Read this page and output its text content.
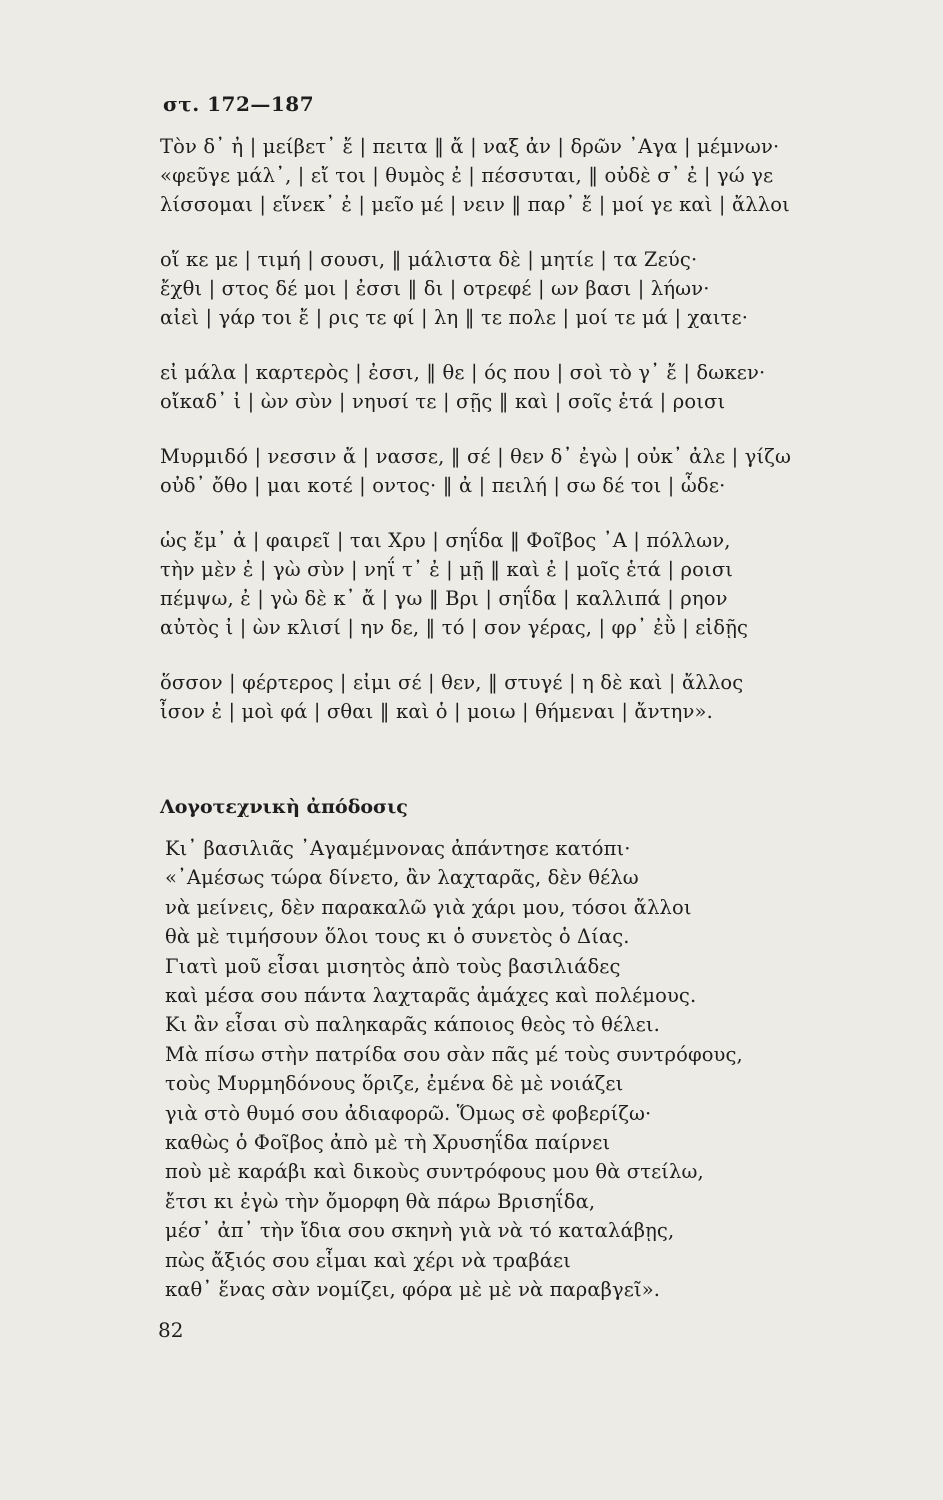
στ. 172—187
Τὸν δ᾽ ἠ | μείβετ᾽ ἔ | πειτα ‖ ἄ | ναξ ἀν | δρῶν ᾽Αγα | μέμνων·
«φεῦγε μάλ᾽, | εἴ τοι | θυμὸς ἐ | πέσσυται, ‖ οὐδὲ σ᾽ ἐ | γώ γε
λίσσομαι | εἵνεκ᾽ ἐ | μεῖο μέ | νειν ‖ παρ᾽ ἔ | μοί γε καὶ | ἄλλοι
οἵ κε με | τιμή | σουσι, ‖ μάλιστα δὲ | μητίε | τα Ζεύς·
ἔχθι | στος δέ μοι | ἐσσι ‖ δι | οτρεφέ | ων βασι | λήων·
αἰεὶ | γάρ τοι ἔ | ρις τε φί | λη ‖ τε πολε | μοί τε μά | χαιτε·
εἰ μάλα | καρτερὸς | ἐσσι, ‖ θε | ός που | σοὶ τὸ γ᾽ ἔ | δωκεν·
οἴκαδ᾽ ἰ | ὼν σὺν | νηυσί τε | σῇς ‖ καὶ | σοῖς ἑτά | ροισι
Μυρμιδό | νεσσιν ἄ | νασσε, ‖ σέ | θεν δ᾽ ἐγὼ | οὐκ᾽ ἀλε | γίζω
οὐδ᾽ ὄθο | μαι κοτέ | οντος· ‖ ἀ | πειλή | σω δέ τοι | ὧδε·
ὡς ἔμ᾽ ἀ | φαιρεῖ | ται Χρυ | σηΐδα ‖ Φοῖβος ᾽Α | πόλλων,
τὴν μὲν ἐ | γὼ σὺν | νηΐ τ᾽ ἐ | μῇ ‖ καὶ ἐ | μοῖς ἑτά | ροισι
πέμψω, ἐ | γὼ δὲ κ᾽ ἄ | γω ‖ Βρι | σηΐδα | καλλιπά | ρηον
αὐτὸς ἰ | ὼν κλισί | ην δε, ‖ τό | σον γέρας, | φρ᾽ ἐῢ | εἰδῇς
ὅσσον | φέρτερος | εἰμι σέ | θεν, ‖ στυγέ | η δὲ καὶ | ἄλλος
ἶσον ἐ | μοὶ φά | σθαι ‖ καὶ ὁ | μοιω | θήμεναι | ἄντην».
Λογοτεχνικὴ ἀπόδοσις
Κι᾽ βασιλιᾶς ᾽Αγαμέμνονας ἀπάντησε κατόπι·
«᾽Αμέσως τώρα δίνετο, ἂν λαχταρᾶς, δὲν θέλω
νὰ μείνεις, δὲν παρακαλῶ γιὰ χάρι μου, τόσοι ἄλλοι
θὰ μὲ τιμήσουν ὅλοι τους κι ὁ συνετὸς ὁ Δίας.
Γιατὶ μοῦ εἶσαι μισητὸς ἀπὸ τοὺς βασιλιάδες
καὶ μέσα σου πάντα λαχταρᾶς ἀμάχες καὶ πολέμους.
Κι ἂν εἶσαι σὺ παληκαρᾶς κάποιος θεὸς τὸ θέλει.
Μὰ πίσω στὴν πατρίδα σου σὰν πᾶς μέ τοὺς συντρόφους,
τοὺς Μυρμηδόνους ὅριζε, ἐμένα δὲ μὲ νοιάζει
γιὰ στὸ θυμό σου ἀδιαφορῶ. Ὅμως σὲ φοβερίζω·
καθὼς ὁ Φοῖβος ἀπὸ μὲ τὴ Χρυσηΐδα παίρνει
ποὺ μὲ καράβι καὶ δικοὺς συντρόφους μου θὰ στείλω,
ἔτσι κι ἐγὼ τὴν ὄμορφη θὰ πάρω Βρισηΐδα,
μέσ᾽ ἀπ᾽ τὴν ἴδια σου σκηνὴ γιὰ νὰ τό καταλάβῃς,
πὼς ἄξιός σου εἶμαι καὶ χέρι νὰ τραβάει
καθ᾽ ἕνας σὰν νομίζει, φόρα μὲ μὲ νὰ παραβγεῖ».
82
